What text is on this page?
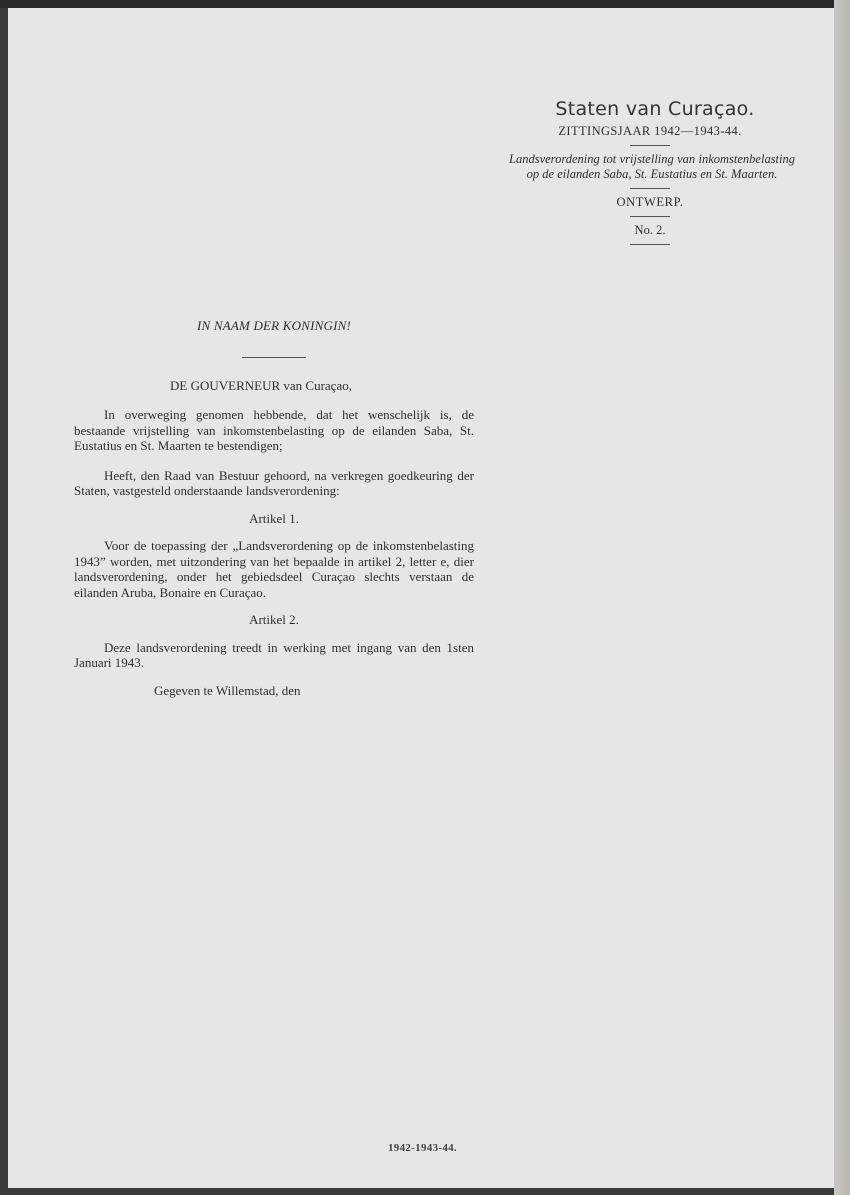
Staten van Curaçao.
ZITTINGSJAAR 1942—1943-44.
Landsverordening tot vrijstelling van inkomstenbelasting op de eilanden Saba, St. Eustatius en St. Maarten.
ONTWERP.
No. 2.
IN NAAM DER KONINGIN!
DE GOUVERNEUR van Curaçao,

In overweging genomen hebbende, dat het wenschelijk is, de bestaande vrijstelling van inkomstenbelasting op de eilanden Saba, St. Eustatius en St. Maarten te bestendigen;

Heeft, den Raad van Bestuur gehoord, na verkregen goedkeuring der Staten, vastgesteld onderstaande landsverordening:

Artikel 1.

Voor de toepassing der „Landsverordening op de inkomstenbelasting 1943” worden, met uitzondering van het bepaalde in artikel 2, letter e, dier landsverordening, onder het gebiedsdeel Curaçao slechts verstaan de eilanden Aruba, Bonaire en Curaçao.

Artikel 2.

Deze landsverordening treedt in werking met ingang van den 1sten Januari 1943.

Gegeven te Willemstad, den
1942-1943-44.
